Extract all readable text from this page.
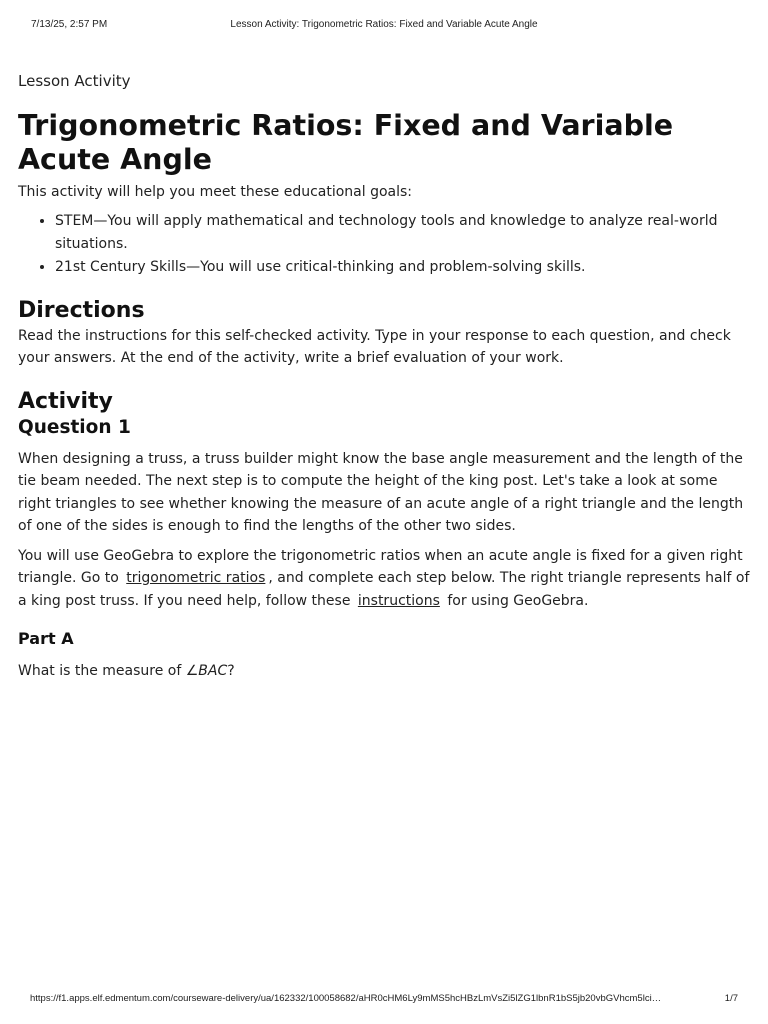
7/13/25, 2:57 PM	Lesson Activity: Trigonometric Ratios: Fixed and Variable Acute Angle
Lesson Activity
Trigonometric Ratios: Fixed and Variable Acute Angle

This activity will help you meet these educational goals:

• STEM—You will apply mathematical and technology tools and knowledge to analyze real-world situations.
• 21st Century Skills—You will use critical-thinking and problem-solving skills.
Directions

Read the instructions for this self-checked activity. Type in your response to each question, and check your answers. At the end of the activity, write a brief evaluation of your work.

Activity
Question 1

When designing a truss, a truss builder might know the base angle measurement and the length of the tie beam needed. The next step is to compute the height of the king post. Let's take a look at some right triangles to see whether knowing the measure of an acute angle of a right triangle and the length of one of the sides is enough to find the lengths of the other two sides.

You will use GeoGebra to explore the trigonometric ratios when an acute angle is fixed for a given right triangle. Go to trigonometric ratios , and complete each step below. The right triangle represents half of a king post truss. If you need help, follow these instructions for using GeoGebra.

Part A

What is the measure of ∠BAC?

https://f1.apps.elf.edmentum.com/courseware-delivery/ua/162332/100058682/aHR0cHM6Ly9mMS5hcHBzLmVsZi5lZG1lbnR1bS5jb20vbGVhcm5lci…	1/7
